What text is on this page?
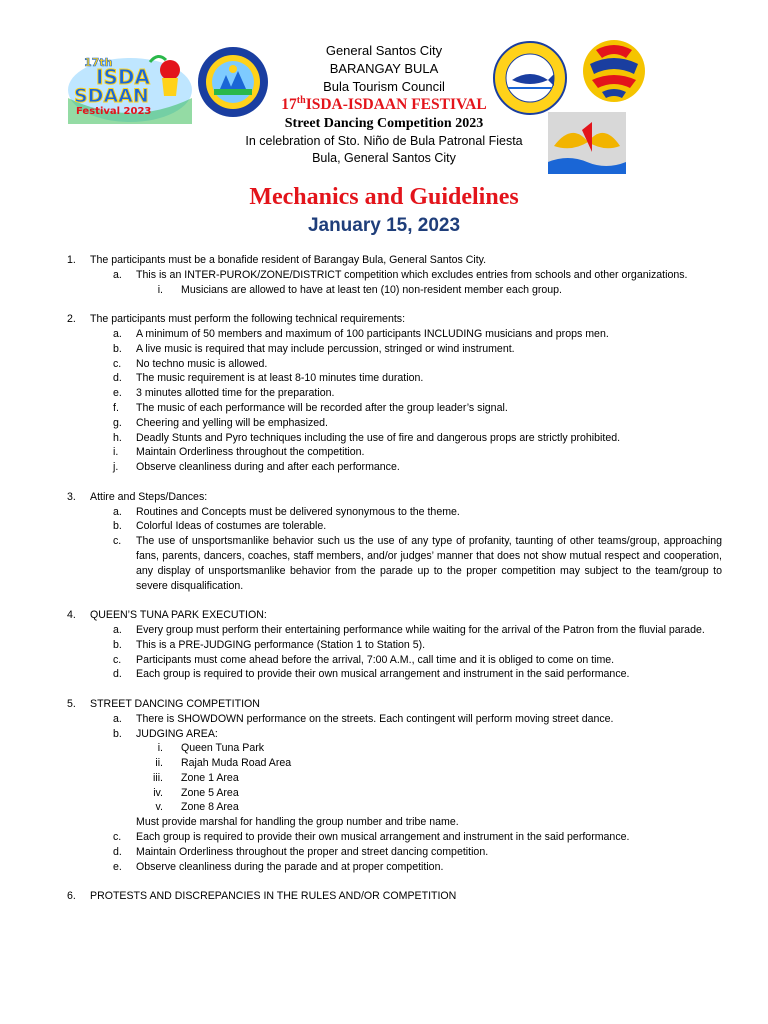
17th
ISDA
SDAAN
Festival 2023
General Santos City
BARANGAY BULA
Bula Tourism Council
17thISDA-ISDAAN FESTIVAL
Street Dancing Competition 2023
In celebration of Sto. Niño de Bula Patronal Fiesta
Bula, General Santos City
Mechanics and Guidelines
January 15, 2023
1. The participants must be a bonafide resident of Barangay Bula, General Santos City.
a. This is an INTER-PUROK/ZONE/DISTRICT competition which excludes entries from schools and other organizations.
i. Musicians are allowed to have at least ten (10) non-resident member each group.
2. The participants must perform the following technical requirements:
a. A minimum of 50 members and maximum of 100 participants INCLUDING musicians and props men.
b. A live music is required that may include percussion, stringed or wind instrument.
c. No techno music is allowed.
d. The music requirement is at least 8-10 minutes time duration.
e. 3 minutes allotted time for the preparation.
f. The music of each performance will be recorded after the group leader’s signal.
g. Cheering and yelling will be emphasized.
h. Deadly Stunts and Pyro techniques including the use of fire and dangerous props are strictly prohibited.
i. Maintain Orderliness throughout the competition.
j. Observe cleanliness during and after each performance.
3. Attire and Steps/Dances:
a. Routines and Concepts must be delivered synonymous to the theme.
b. Colorful Ideas of costumes are tolerable.
c. The use of unsportsmanlike behavior such us the use of any type of profanity, taunting of other teams/group, approaching fans, parents, dancers, coaches, staff members, and/or judges’ manner that does not show mutual respect and cooperation, any display of unsportsmanlike behavior from the parade up to the proper competition may subject to the team/group to severe disqualification.
4. QUEEN’S TUNA PARK EXECUTION:
a. Every group must perform their entertaining performance while waiting for the arrival of the Patron from the fluvial parade.
b. This is a PRE-JUDGING performance (Station 1 to Station 5).
c. Participants must come ahead before the arrival, 7:00 A.M., call time and it is obliged to come on time.
d. Each group is required to provide their own musical arrangement and instrument in the said performance.
5. STREET DANCING COMPETITION
a. There is SHOWDOWN performance on the streets. Each contingent will perform moving street dance.
b. JUDGING AREA:
i. Queen Tuna Park
ii. Rajah Muda Road Area
iii. Zone 1 Area
iv. Zone 5 Area
v. Zone 8 Area
Must provide marshal for handling the group number and tribe name.
c. Each group is required to provide their own musical arrangement and instrument in the said performance.
d. Maintain Orderliness throughout the proper and street dancing competition.
e. Observe cleanliness during the parade and at proper competition.
6. PROTESTS AND DISCREPANCIES IN THE RULES AND/OR COMPETITION
